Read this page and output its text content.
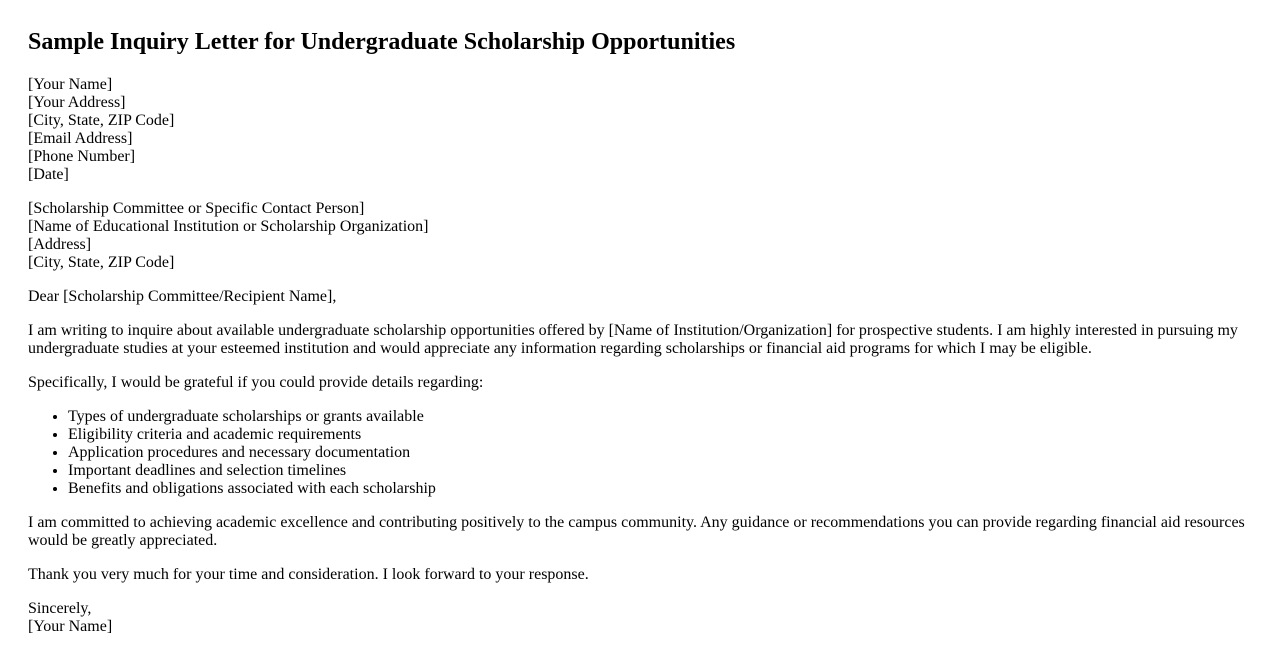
Sample Inquiry Letter for Undergraduate Scholarship Opportunities
[Your Name]
[Your Address]
[City, State, ZIP Code]
[Email Address]
[Phone Number]
[Date]
[Scholarship Committee or Specific Contact Person]
[Name of Educational Institution or Scholarship Organization]
[Address]
[City, State, ZIP Code]

Dear [Scholarship Committee/Recipient Name],

I am writing to inquire about available undergraduate scholarship opportunities offered by [Name of Institution/Organization] for prospective students. I am highly interested in pursuing my undergraduate studies at your esteemed institution and would appreciate any information regarding scholarships or financial aid programs for which I may be eligible.

Specifically, I would be grateful if you could provide details regarding:

• Types of undergraduate scholarships or grants available
• Eligibility criteria and academic requirements
• Application procedures and necessary documentation
• Important deadlines and selection timelines
• Benefits and obligations associated with each scholarship

I am committed to achieving academic excellence and contributing positively to the campus community. Any guidance or recommendations you can provide regarding financial aid resources would be greatly appreciated.

Thank you very much for your time and consideration. I look forward to your response.

Sincerely,
[Your Name]
